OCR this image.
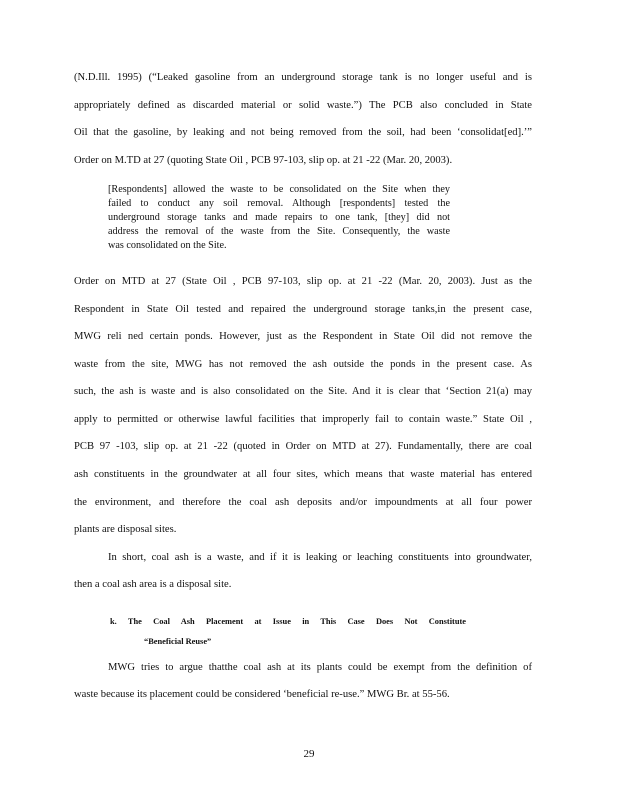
(N.D.Ill. 1995) (“Leaked gasoline from an underground storage tank is no longer useful and is
appropriately defined as discarded material or solid waste.”) The PCB also concluded in State
Oil that the gasoline, by leaking and not being removed from the soil, had been ‘consolidat[ed].’”
Order on M.TD at 27 (quoting State Oil , PCB 97-103, slip op. at 21 -22 (Mar. 20, 2003).
[Respondents] allowed the waste to be consolidated on the Site when they
failed to conduct any soil removal. Although [respondents] tested the
underground storage tanks and made repairs to one tank, [they] did not
address the removal of the waste from the Site. Consequently, the waste
was consolidated on the Site.
Order on MTD at 27 (State Oil , PCB 97-103, slip op. at 21 -22 (Mar. 20, 2003). Just as the
Respondent in State Oil tested and repaired the underground storage tanks,in the present case,
MWG reli ned certain ponds. However, just as the Respondent in State Oil did not remove the
waste from the site, MWG has not removed the ash outside the ponds in the present case. As
such, the ash is waste and is also consolidated on the Site. And it is clear that ‘Section 21(a) may
apply to permitted or otherwise lawful facilities that improperly fail to contain waste.” State Oil ,
PCB 97 -103, slip op. at 21 -22 (quoted in Order on MTD at 27). Fundamentally, there are coal
ash constituents in the groundwater at all four sites, which means that waste material has entered
the environment, and therefore the coal ash deposits and/or impoundments at all four power
plants are disposal sites.
In short, coal ash is a waste, and if it is leaking or leaching constituents into groundwater,
then a coal ash area is a disposal site.
k. The Coal Ash Placement at Issue in This Case Does Not Constitute
“Beneficial Reuse”
MWG tries to argue thatthe coal ash at its plants could be exempt from the definition of
waste because its placement could be considered ‘beneficial re-use.” MWG Br. at 55-56.
29
